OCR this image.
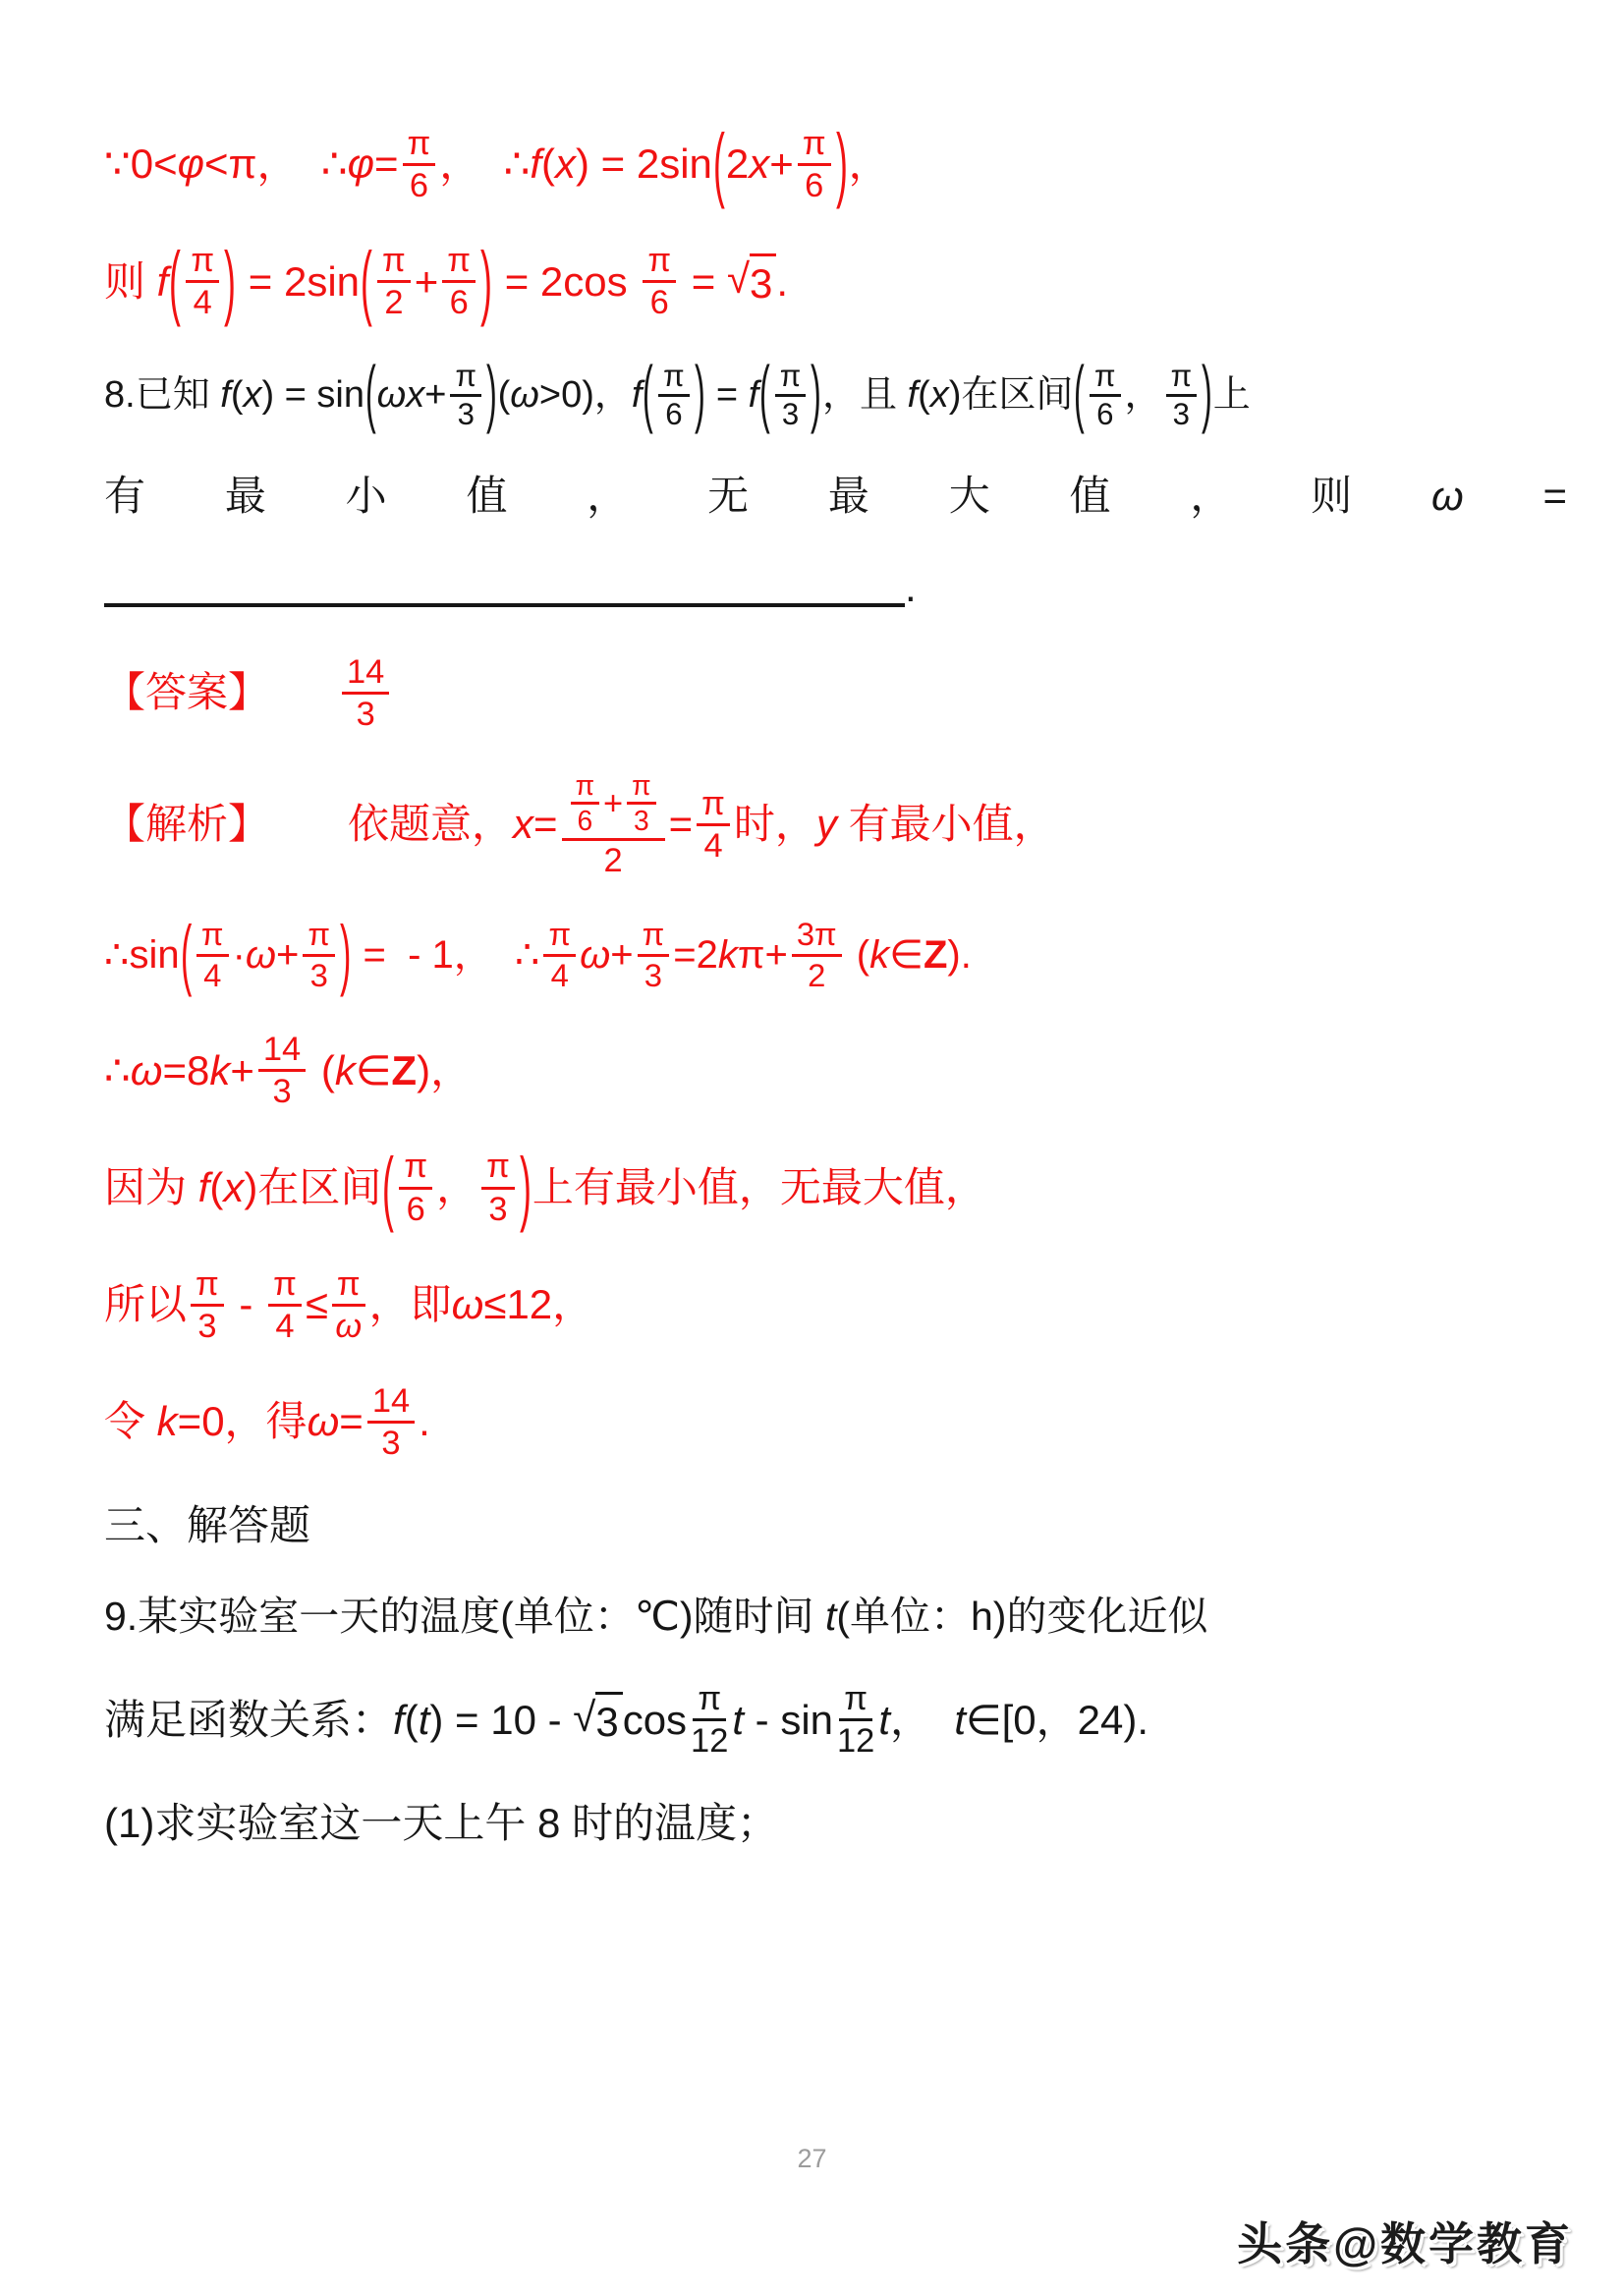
∵0< φ <π，  ∴ $\varphi = \frac{\pi}{6}$ ，  ∴ f ( x ) = 2sin ( 2 $x + \frac{\pi}{6}$ ) ，
则 f ( $\frac{\pi}{4}$ ) = 2sin ( $\frac{\pi}{2} + \frac{\pi}{6}$ ) = $2\cos \frac{\pi}{6}$ = √ 3 .
8.已知 f ( x ) = sin ( $\omega x + \frac{\pi}{3}$ ) ( ω >0)， f ( $\frac{\pi}{6}$ ) = f ( $\frac{\pi}{3}$ ) ，且 f ( x )在区间 ( $\frac{\pi}{6}$ ， $\frac{\pi}{3}$ ) 上
有 最 小 值 ， 无 最 大 值 ， 则 ω =
.
【答案】 $\frac{14}{3}$
【解析】 依题意， $x = \frac{\frac{\pi}{6} + \frac{\pi}{3}}{2} = \frac{\pi}{4}$ 时， y 有最小值，
∴sin ( $\frac{\pi}{4} \cdot \omega + \frac{\pi}{3}$ ) =  - 1，  ∴ $\frac{\pi}{4}$ $\omega + \frac{\pi}{3} =2$ k $\pi+ \frac{3\pi}{2}$ ( k ∈ Z ).
∴ ω =8 $k + \frac{14}{3}$ ( k ∈ Z )，
因为 f ( x )在区间 ( $\frac{\pi}{6}$ ， $\frac{\pi}{3}$ ) 上有最小值，无最大值，
所以 $\frac{\pi}{3} - \frac{\pi}{4} \le \frac{\pi}{\omega}$ ，即 ω ≤12，
令 k =0，得 $\omega = \frac{14}{3}$ .
三、解答题
9.某实验室一天的温度(单位：℃)随时间 t (单位：h)的变化近似
满足函数关系： f ( t ) = 10 - √ 3 $\cos \frac{\pi}{12}$ t - $\sin \frac{\pi}{12}$ t ， t ∈[0，24).
(1)求实验室这一天上午 8 时的温度；
27
头条@数学教育
